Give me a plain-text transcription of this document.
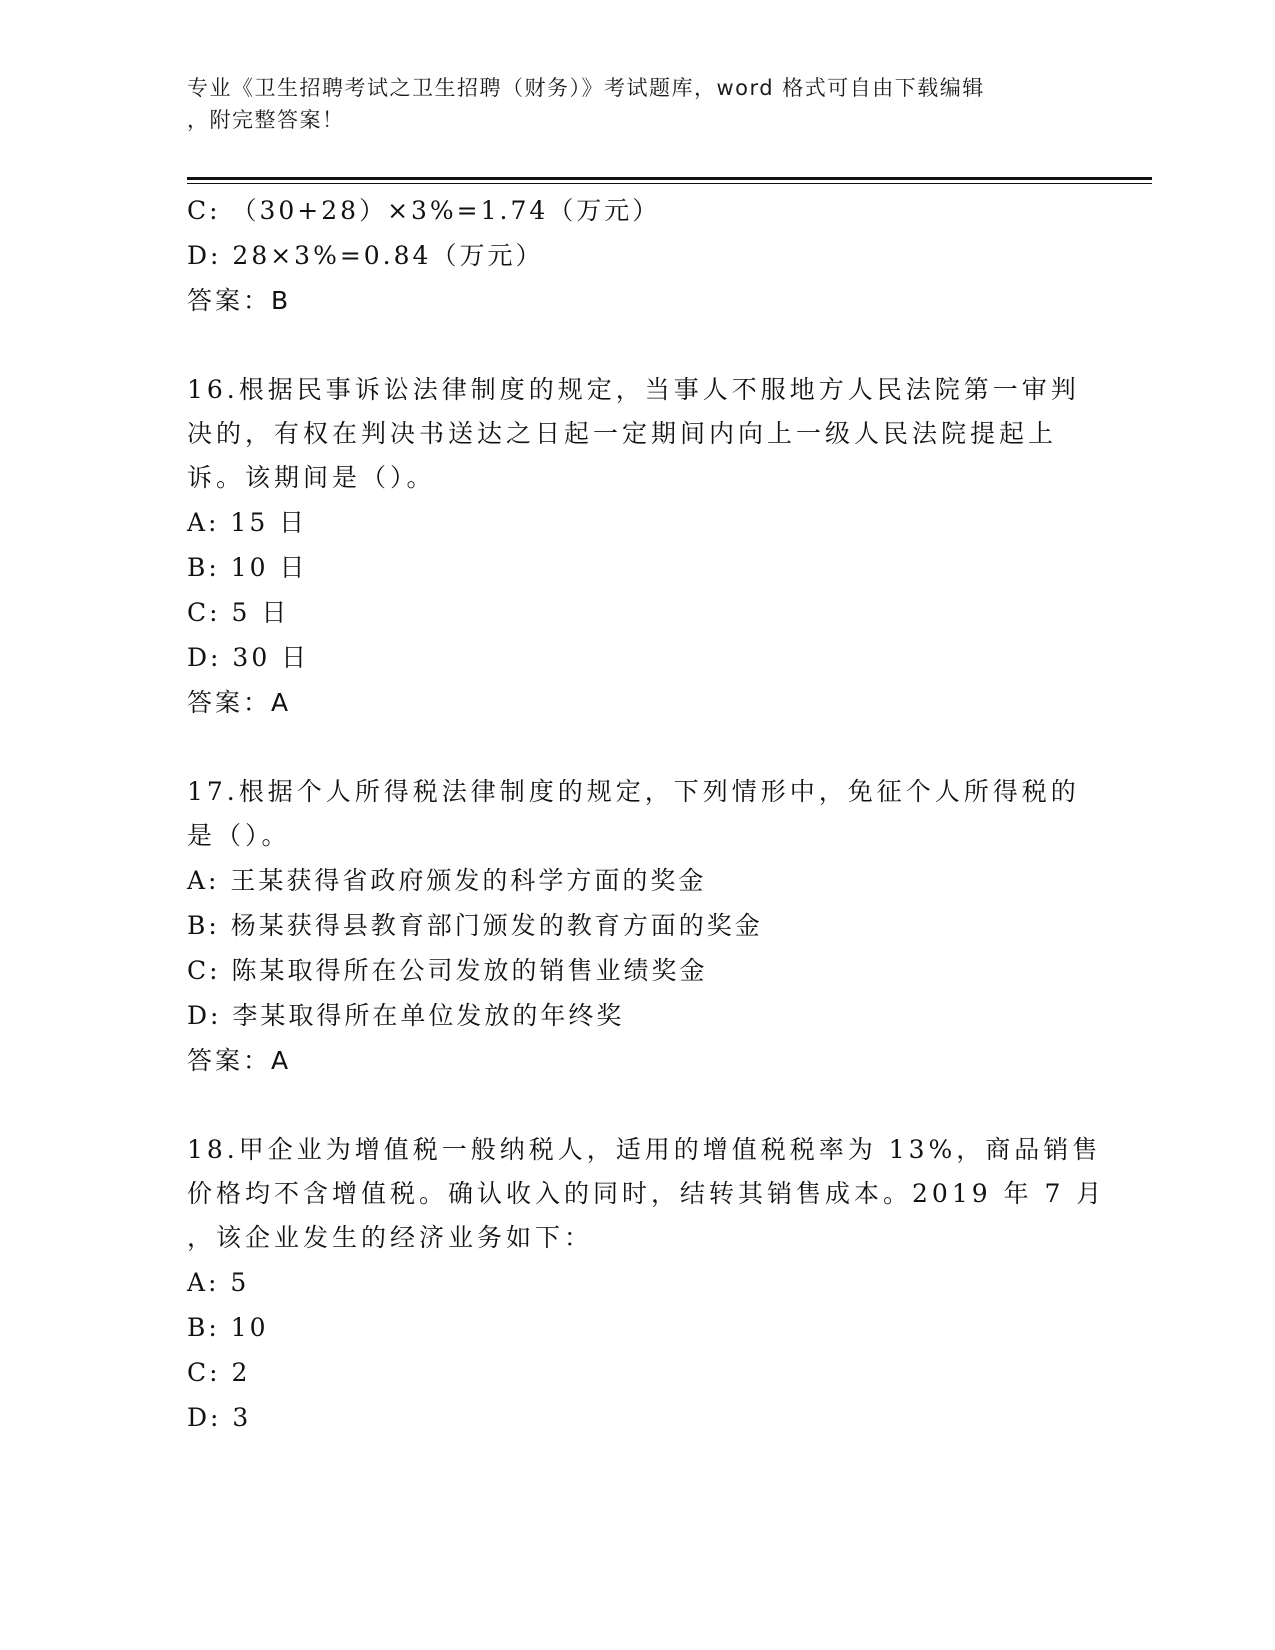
专业《卫生招聘考试之卫生招聘（财务）》考试题库，word 格式可自由下载编辑
，附完整答案！
C: （30+28）×3%=1.74（万元）
D: 28×3%=0.84（万元）
答案：B
16.根据民事诉讼法律制度的规定，当事人不服地方人民法院第一审判
决的，有权在判决书送达之日起一定期间内向上一级人民法院提起上
诉。该期间是（）。
A: 15 日
B: 10 日
C: 5 日
D: 30 日
答案：A
17.根据个人所得税法律制度的规定，下列情形中，免征个人所得税的
是（）。
A: 王某获得省政府颁发的科学方面的奖金
B: 杨某获得县教育部门颁发的教育方面的奖金
C: 陈某取得所在公司发放的销售业绩奖金
D: 李某取得所在单位发放的年终奖
答案：A
18.甲企业为增值税一般纳税人，适用的增值税税率为 13%，商品销售
价格均不含增值税。确认收入的同时，结转其销售成本。2019 年 7 月
，该企业发生的经济业务如下：
A: 5
B: 10
C: 2
D: 3
